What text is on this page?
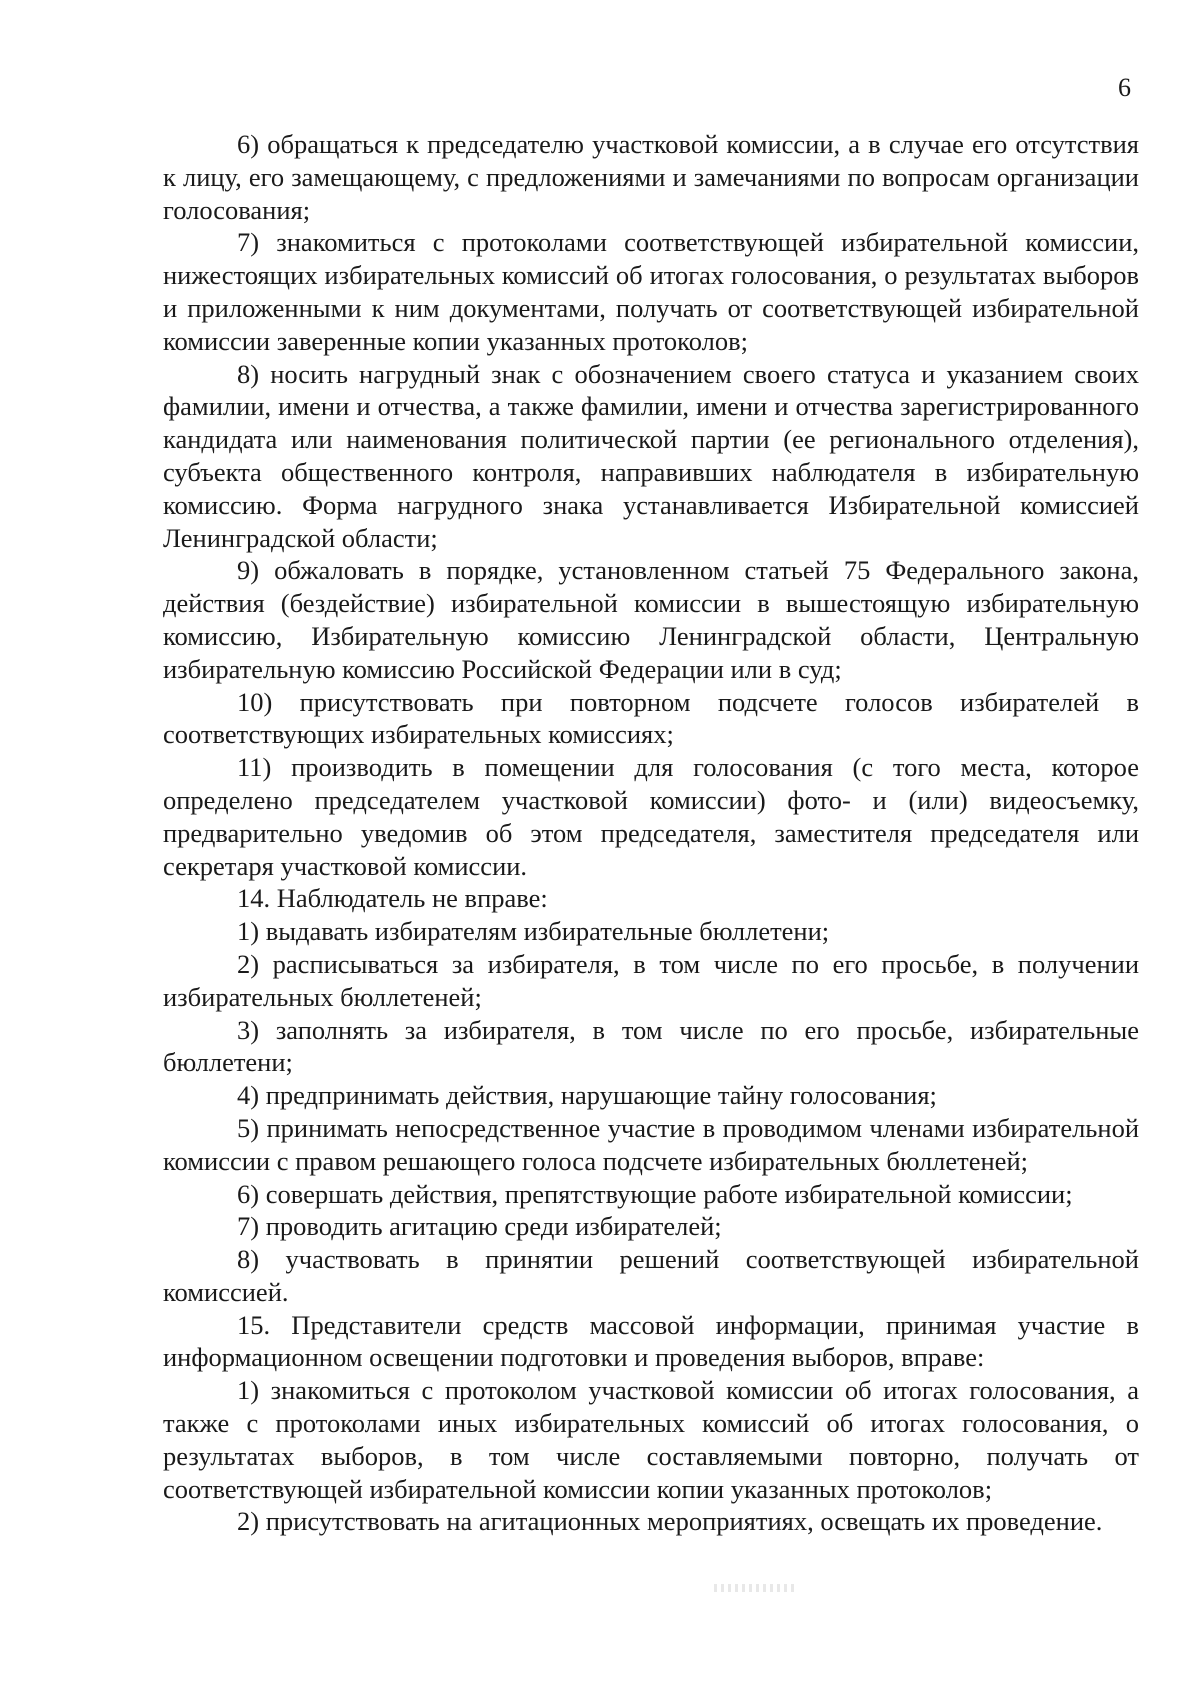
6

6) обращаться к председателю участковой комиссии, а в случае его отсутствия к лицу, его замещающему, с предложениями и замечаниями по вопросам организации голосования;

7) знакомиться с протоколами соответствующей избирательной комиссии, нижестоящих избирательных комиссий об итогах голосования, о результатах выборов и приложенными к ним документами, получать от соответствующей избирательной комиссии заверенные копии указанных протоколов;

8) носить нагрудный знак с обозначением своего статуса и указанием своих фамилии, имени и отчества, а также фамилии, имени и отчества зарегистрированного кандидата или наименования политической партии (ее регионального отделения), субъекта общественного контроля, направивших наблюдателя в избирательную комиссию. Форма нагрудного знака устанавливается Избирательной комиссией Ленинградской области;

9) обжаловать в порядке, установленном статьей 75 Федерального закона, действия (бездействие) избирательной комиссии в вышестоящую избирательную комиссию, Избирательную комиссию Ленинградской области, Центральную избирательную комиссию Российской Федерации или в суд;

10) присутствовать при повторном подсчете голосов избирателей в соответствующих избирательных комиссиях;

11) производить в помещении для голосования (с того места, которое определено председателем участковой комиссии) фото- и (или) видеосъемку, предварительно уведомив об этом председателя, заместителя председателя или секретаря участковой комиссии.

14. Наблюдатель не вправе:

1) выдавать избирателям избирательные бюллетени;

2) расписываться за избирателя, в том числе по его просьбе, в получении избирательных бюллетеней;

3) заполнять за избирателя, в том числе по его просьбе, избирательные бюллетени;

4) предпринимать действия, нарушающие тайну голосования;

5) принимать непосредственное участие в проводимом членами избирательной комиссии с правом решающего голоса подсчете избирательных бюллетеней;

6) совершать действия, препятствующие работе избирательной комиссии;

7) проводить агитацию среди избирателей;

8) участвовать в принятии решений соответствующей избирательной комиссией.

15. Представители средств массовой информации, принимая участие в информационном освещении подготовки и проведения выборов, вправе:

1) знакомиться с протоколом участковой комиссии об итогах голосования, а также с протоколами иных избирательных комиссий об итогах голосования, о результатах выборов, в том числе составляемыми повторно, получать от соответствующей избирательной комиссии копии указанных протоколов;

2) присутствовать на агитационных мероприятиях, освещать их проведение.
